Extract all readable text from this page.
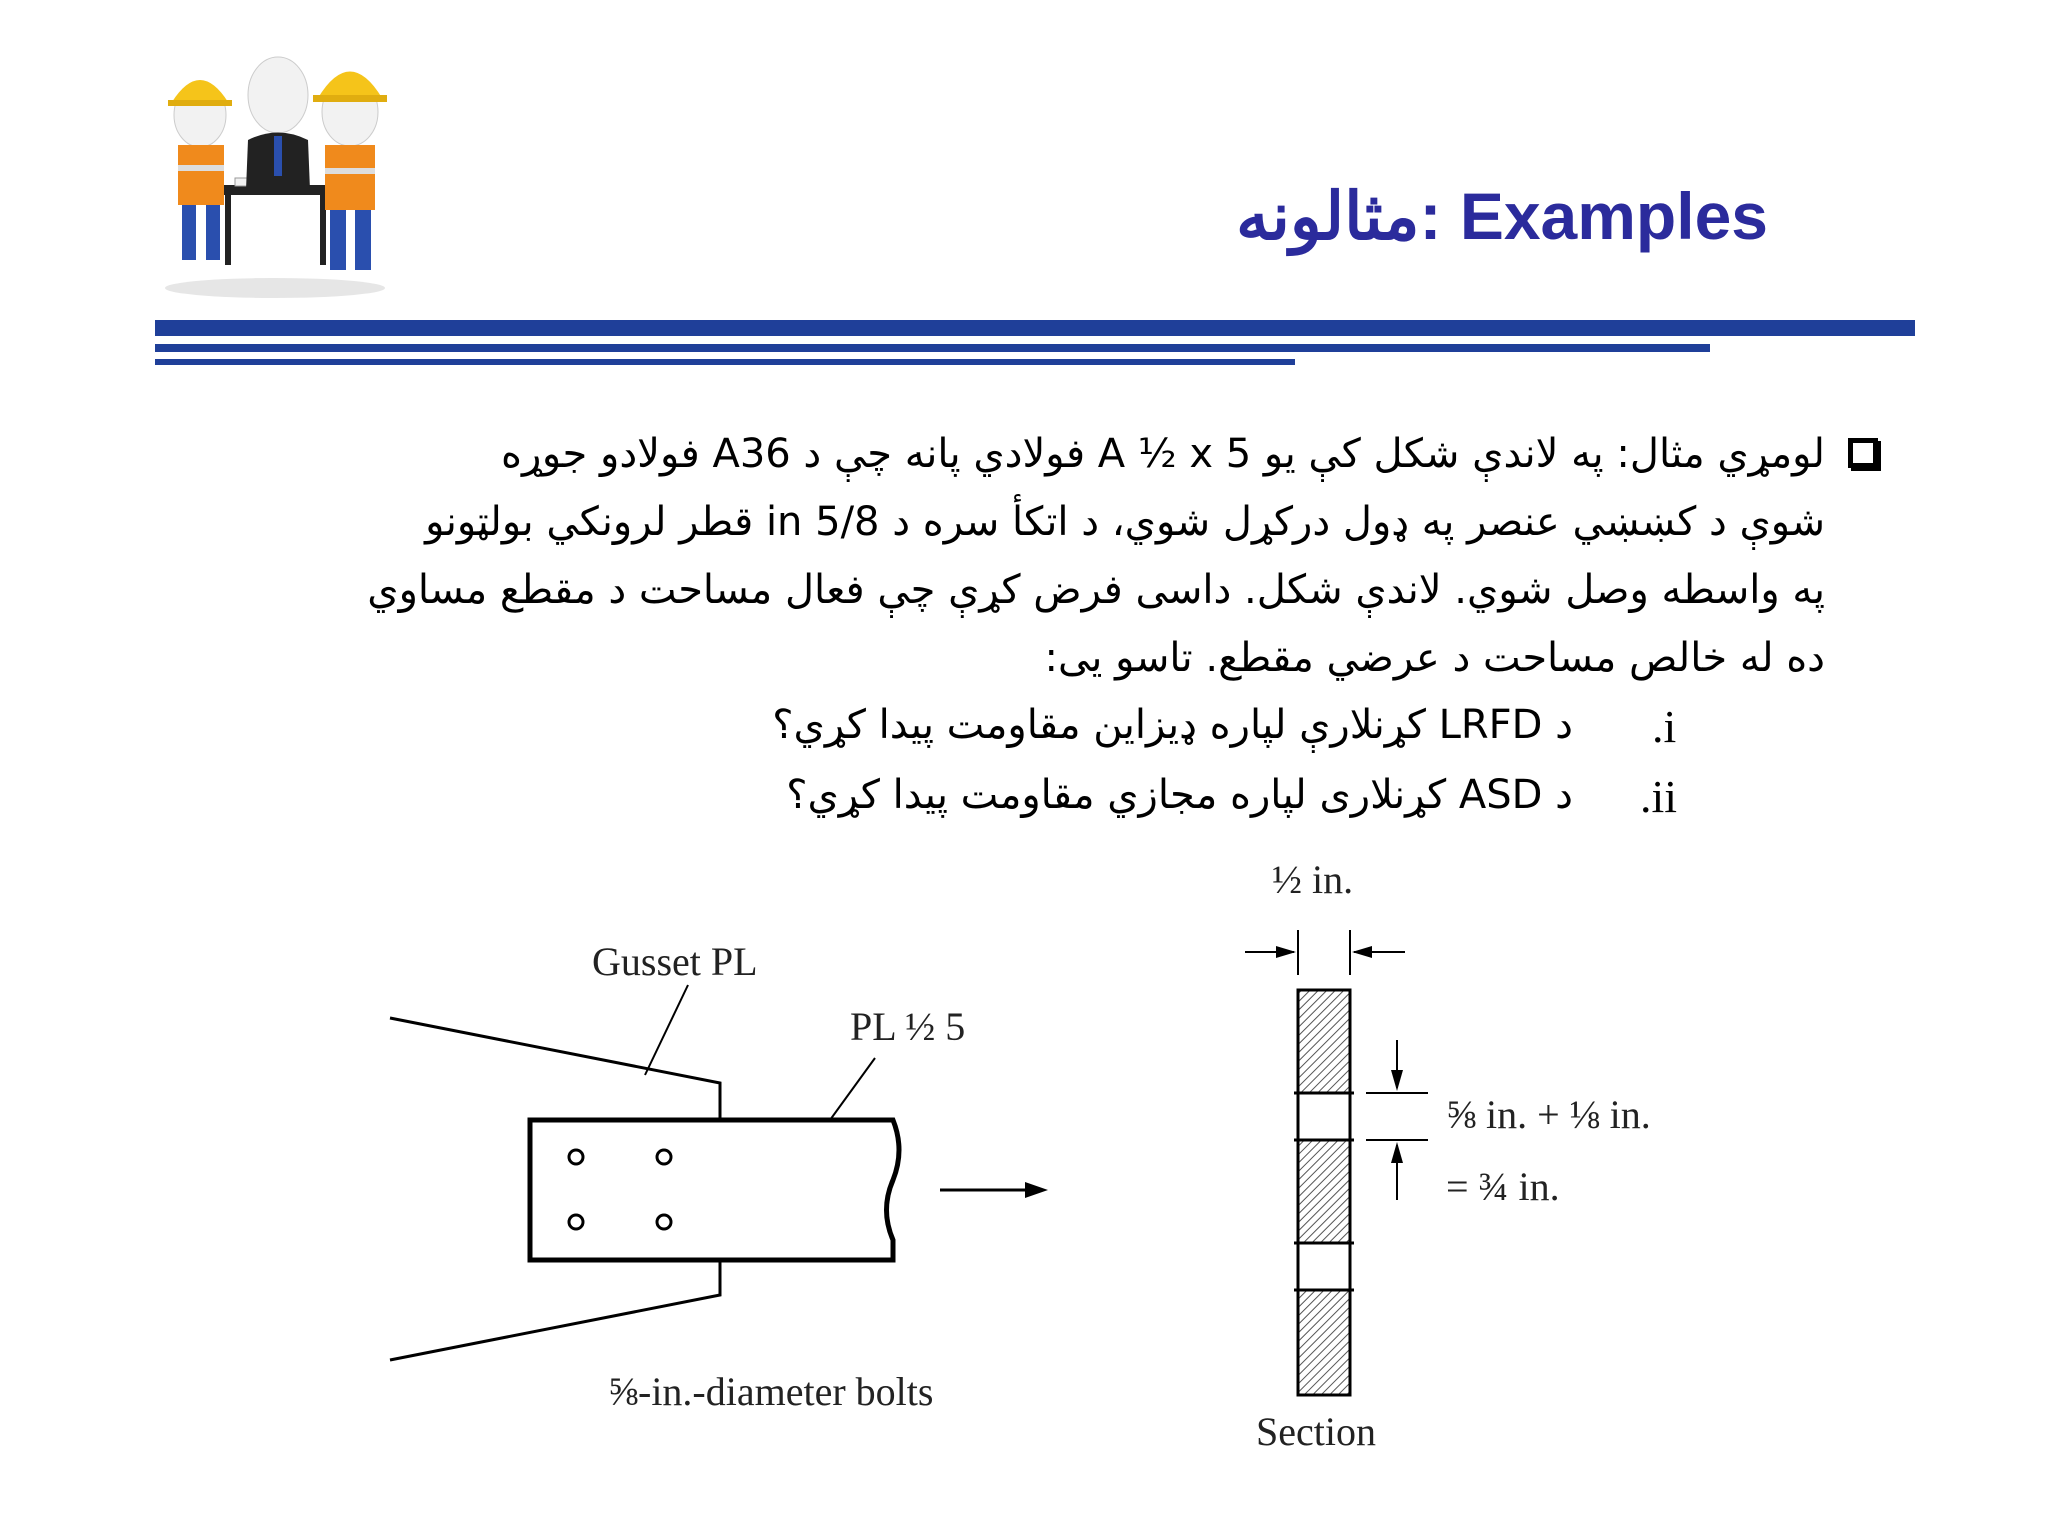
مثالونه: Examples
لومړي مثال: په لاندې شکل کې یو A ½ x 5 فولادي پانه چې د A36 فولادو جوړه
شوې د کښښي عنصر په ډول درکړل شوي، د اتکأ سره د 5/8 in قطر لرونکي بولټونو
په واسطه وصل شوي. لاندې شکل. داسی فرض کړې چې فعال مساحت د مقطع مساوي
ده له خالص مساحت د عرضي مقطع. تاسو یی:
.i
د LRFD کړنلارې لپاره ډیزاین مقاومت پیدا کړي؟
.ii
د ASD کړنلاری لپاره مجازي مقاومت پيدا کړي؟
Gusset PL
PL ½ 5
⅝-in.-diameter bolts
½ in.
⅝ in. + ⅛ in.
= ¾ in.
Section
